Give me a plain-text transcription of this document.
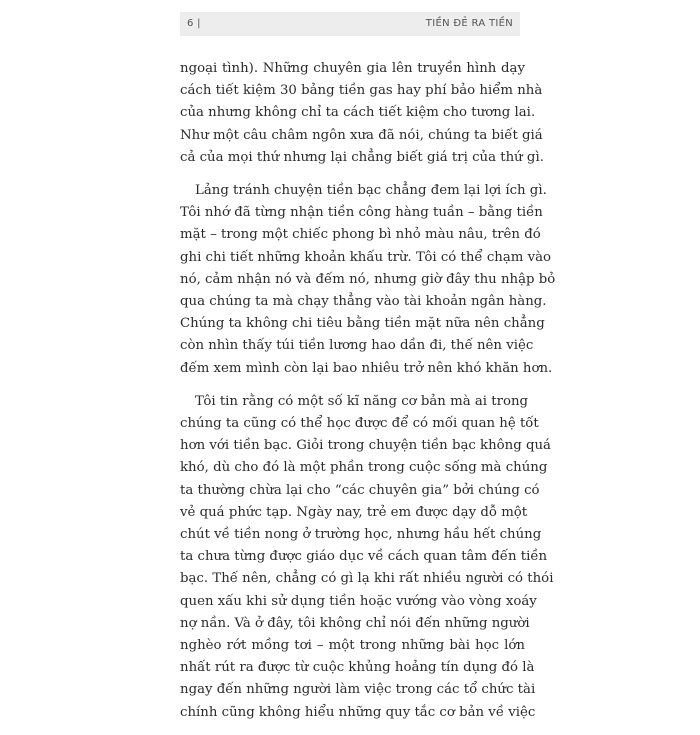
6 |	TIỀN ĐẺ RA TIỀN
ngoại tình). Những chuyên gia lên truyền hình dạy
cách tiết kiệm 30 bảng tiền gas hay phí bảo hiểm nhà
của nhưng không chỉ ta cách tiết kiệm cho tương lai.
Như một câu châm ngôn xưa đã nói, chúng ta biết giá
cả của mọi thứ nhưng lại chẳng biết giá trị của thứ gì.
Lảng tránh chuyện tiền bạc chẳng đem lại lợi ích gì.
Tôi nhớ đã từng nhận tiền công hàng tuần – bằng tiền
mặt – trong một chiếc phong bì nhỏ màu nâu, trên đó
ghi chi tiết những khoản khấu trừ. Tôi có thể chạm vào
nó, cảm nhận nó và đếm nó, nhưng giờ đây thu nhập bỏ
qua chúng ta mà chạy thẳng vào tài khoản ngân hàng.
Chúng ta không chi tiêu bằng tiền mặt nữa nên chẳng
còn nhìn thấy túi tiền lương hao dần đi, thế nên việc
đếm xem mình còn lại bao nhiêu trở nên khó khăn hơn.
Tôi tin rằng có một số kĩ năng cơ bản mà ai trong
chúng ta cũng có thể học được để có mối quan hệ tốt
hơn với tiền bạc. Giỏi trong chuyện tiền bạc không quá
khó, dù cho đó là một phần trong cuộc sống mà chúng
ta thường chừa lại cho “các chuyên gia” bởi chúng có
vẻ quá phức tạp. Ngày nay, trẻ em được dạy dỗ một
chút về tiền nong ở trường học, nhưng hầu hết chúng
ta chưa từng được giáo dục về cách quan tâm đến tiền
bạc. Thế nên, chẳng có gì lạ khi rất nhiều người có thói
quen xấu khi sử dụng tiền hoặc vướng vào vòng xoáy
nợ nần. Và ở đây, tôi không chỉ nói đến những người
nghèo rớt mồng tơi – một trong những bài học lớn
nhất rút ra được từ cuộc khủng hoảng tín dụng đó là
ngay đến những người làm việc trong các tổ chức tài
chính cũng không hiểu những quy tắc cơ bản về việc
